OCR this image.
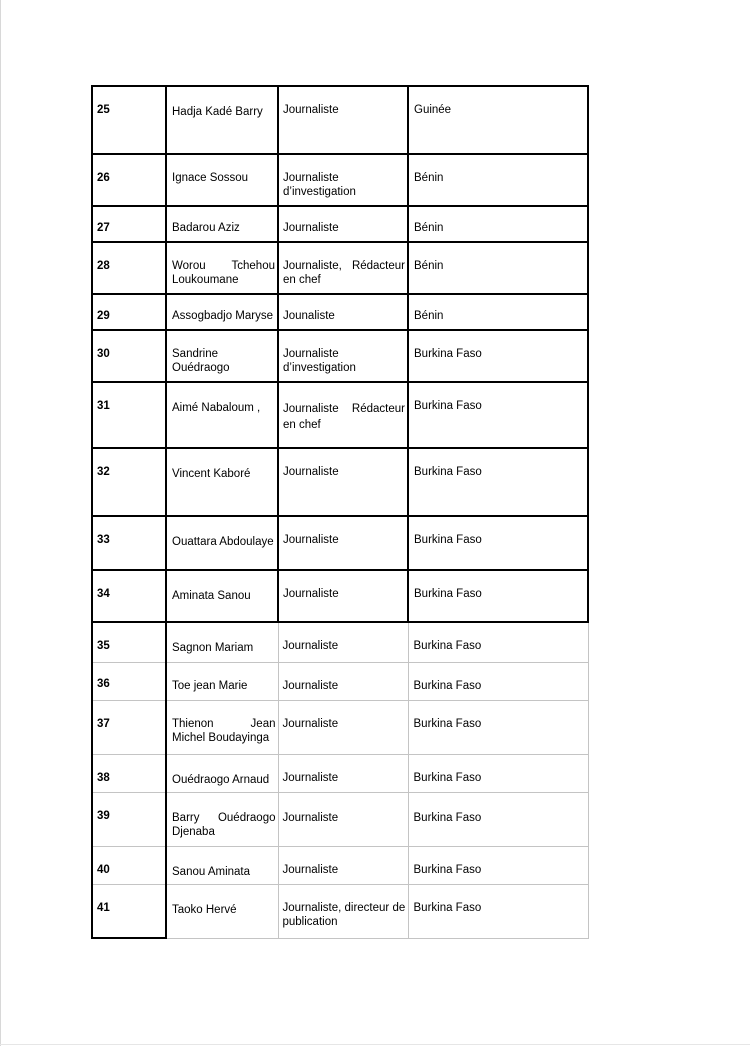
25	Hadja Kadé Barry	Journaliste	Guinée
26	Ignace Sossou	Journaliste d’investigation	Bénin
27	Badarou Aziz	Journaliste	Bénin
28	Worou Tchehou Loukoumane	Journaliste, Rédacteur en chef	Bénin
29	Assogbadjo Maryse	Jounaliste	Bénin
30	Sandrine Ouédraogo	Journaliste d’investigation	Burkina Faso
31	Aimé Nabaloum ,	Journaliste Rédacteur en chef	Burkina Faso
32	Vincent Kaboré	Journaliste	Burkina Faso
33	Ouattara Abdoulaye	Journaliste	Burkina Faso
34	Aminata Sanou	Journaliste	Burkina Faso
35	Sagnon Mariam	Journaliste	Burkina Faso
36	Toe jean Marie	Journaliste	Burkina Faso
37	Thienon Jean Michel Boudayinga	Journaliste	Burkina Faso
38	Ouédraogo Arnaud	Journaliste	Burkina Faso
39	Barry Ouédraogo Djenaba	Journaliste	Burkina Faso
40	Sanou Aminata	Journaliste	Burkina Faso
41	Taoko Hervé	Journaliste, directeur de publication	Burkina Faso
